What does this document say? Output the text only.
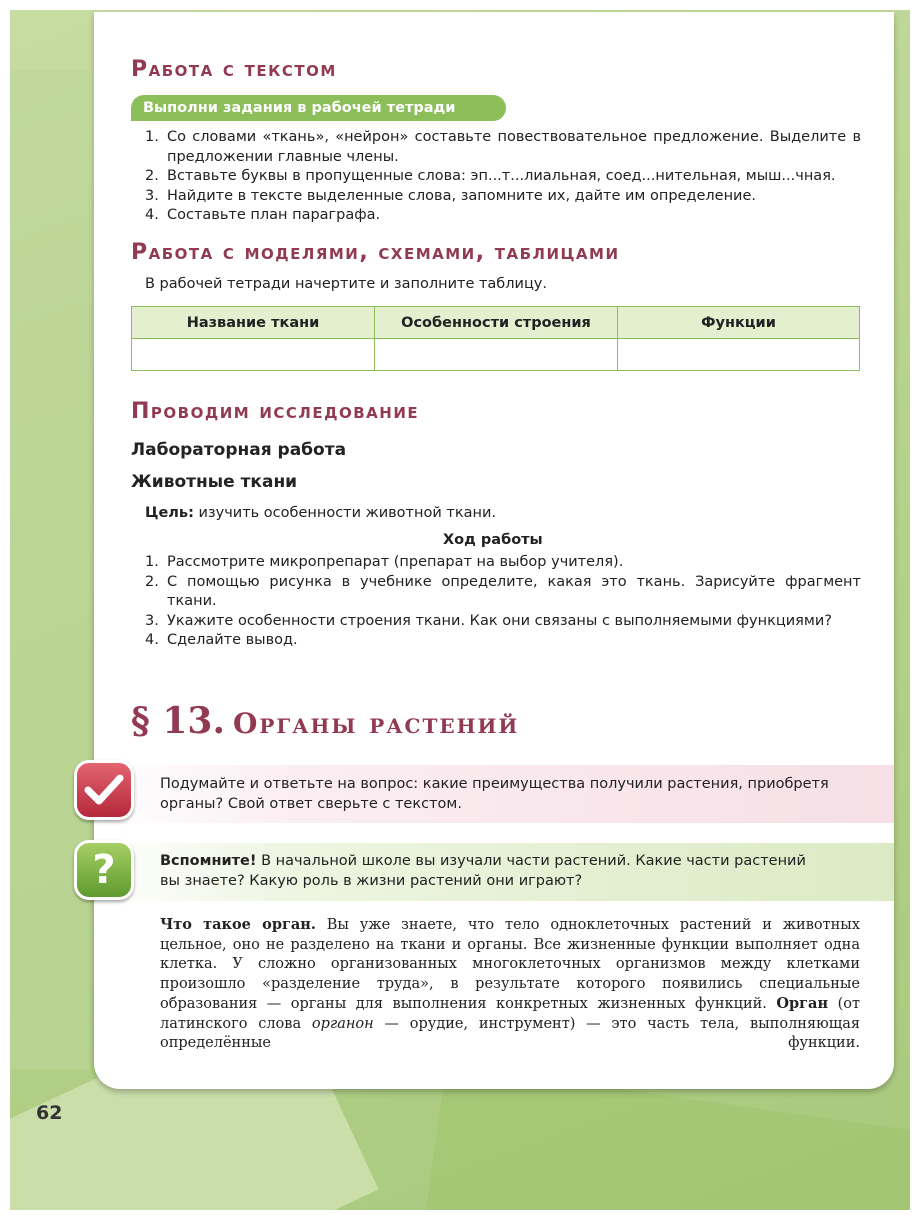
Работа с текстом
Выполни задания в рабочей тетради
1. Со словами «ткань», «нейрон» составьте повествовательное предложение. Выделите в предложении главные члены.
2. Вставьте буквы в пропущенные слова: эп...т...лиальная, соед...нительная, мыш...чная.
3. Найдите в тексте выделенные слова, запомните их, дайте им определение.
4. Составьте план параграфа.
Работа с моделями, схемами, таблицами
В рабочей тетради начертите и заполните таблицу.
Название ткани	Особенности строения	Функции

Проводим исследование
Лабораторная работа
Животные ткани
Цель: изучить особенности животной ткани.
Ход работы
1. Рассмотрите микропрепарат (препарат на выбор учителя).
2. С помощью рисунка в учебнике определите, какая это ткань. Зарисуйте фрагмент ткани.
3. Укажите особенности строения ткани. Как они связаны с выполняемыми функциями?
4. Сделайте вывод.
§ 13. Органы растений
Подумайте и ответьте на вопрос: какие преимущества получили растения, приобретя органы? Свой ответ сверьте с текстом.
?	Вспомните! В начальной школе вы изучали части растений. Какие части растений вы знаете? Какую роль в жизни растений они играют?
Что такое орган. Вы уже знаете, что тело одноклеточных растений и животных цельное, оно не разделено на ткани и органы. Все жизненные функции выполняет одна клетка. У сложно организованных многоклеточных организмов между клетками произошло «разделение труда», в результате которого появились специальные образования — органы для выполнения конкретных жизненных функций. Орган (от латинского слова органон — орудие, инструмент) — это часть тела, выполняющая определённые функции.
62
